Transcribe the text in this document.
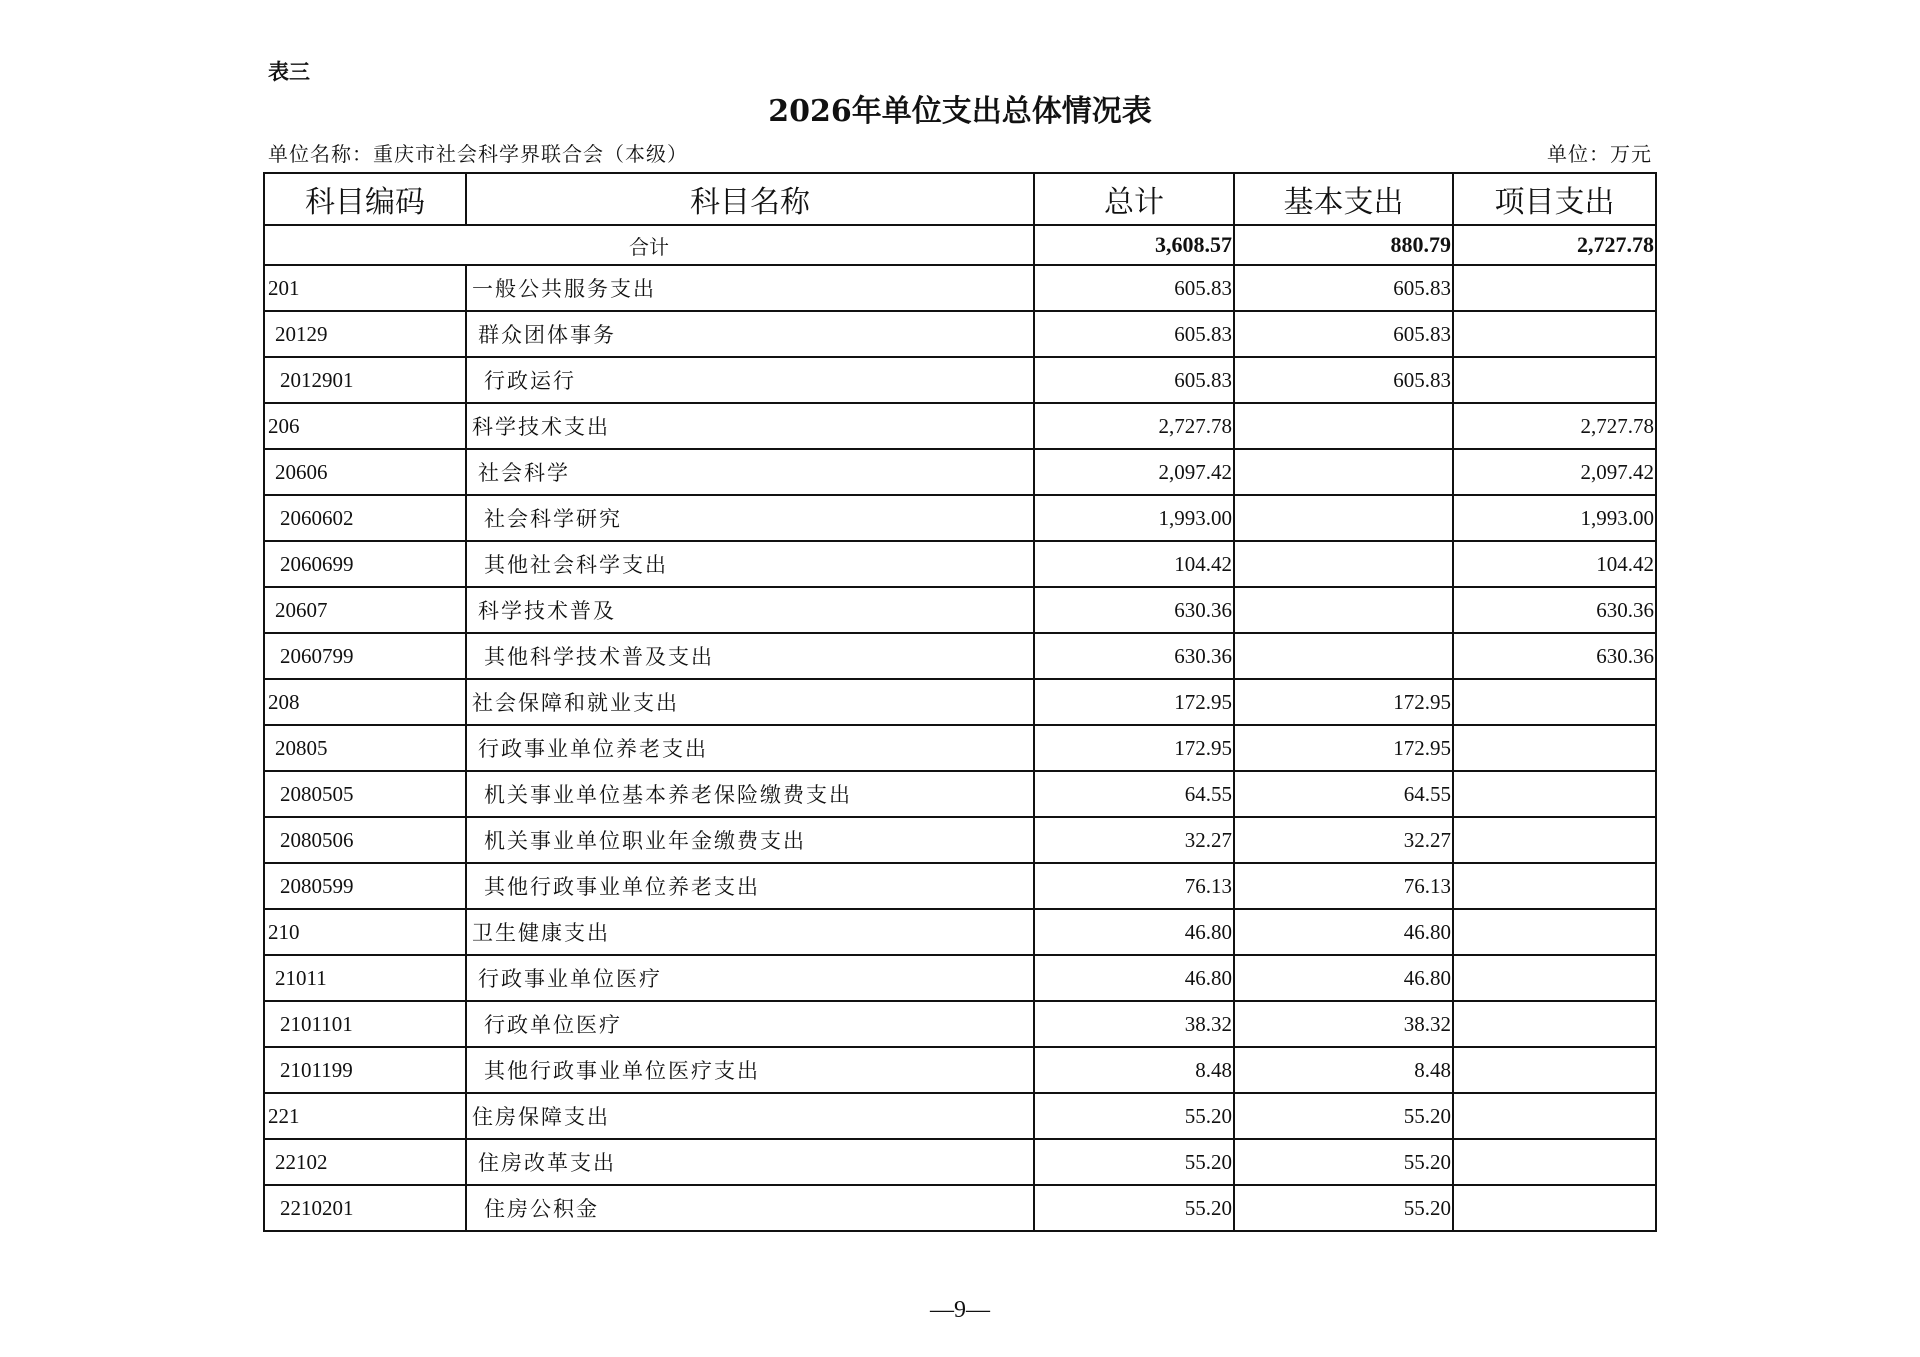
表三
2026年单位支出总体情况表
单位名称：重庆市社会科学界联合会（本级）	单位：万元
科目编码	科目名称	总计	基本支出	项目支出
合计		3,608.57	880.79	2,727.78
201	一般公共服务支出	605.83	605.83	
20129	群众团体事务	605.83	605.83	
2012901	行政运行	605.83	605.83	
206	科学技术支出	2,727.78		2,727.78
20606	社会科学	2,097.42		2,097.42
2060602	社会科学研究	1,993.00		1,993.00
2060699	其他社会科学支出	104.42		104.42
20607	科学技术普及	630.36		630.36
2060799	其他科学技术普及支出	630.36		630.36
208	社会保障和就业支出	172.95	172.95	
20805	行政事业单位养老支出	172.95	172.95	
2080505	机关事业单位基本养老保险缴费支出	64.55	64.55	
2080506	机关事业单位职业年金缴费支出	32.27	32.27	
2080599	其他行政事业单位养老支出	76.13	76.13	
210	卫生健康支出	46.80	46.80	
21011	行政事业单位医疗	46.80	46.80	
2101101	行政单位医疗	38.32	38.32	
2101199	其他行政事业单位医疗支出	8.48	8.48	
221	住房保障支出	55.20	55.20	
22102	住房改革支出	55.20	55.20	
2210201	住房公积金	55.20	55.20	
—9—
